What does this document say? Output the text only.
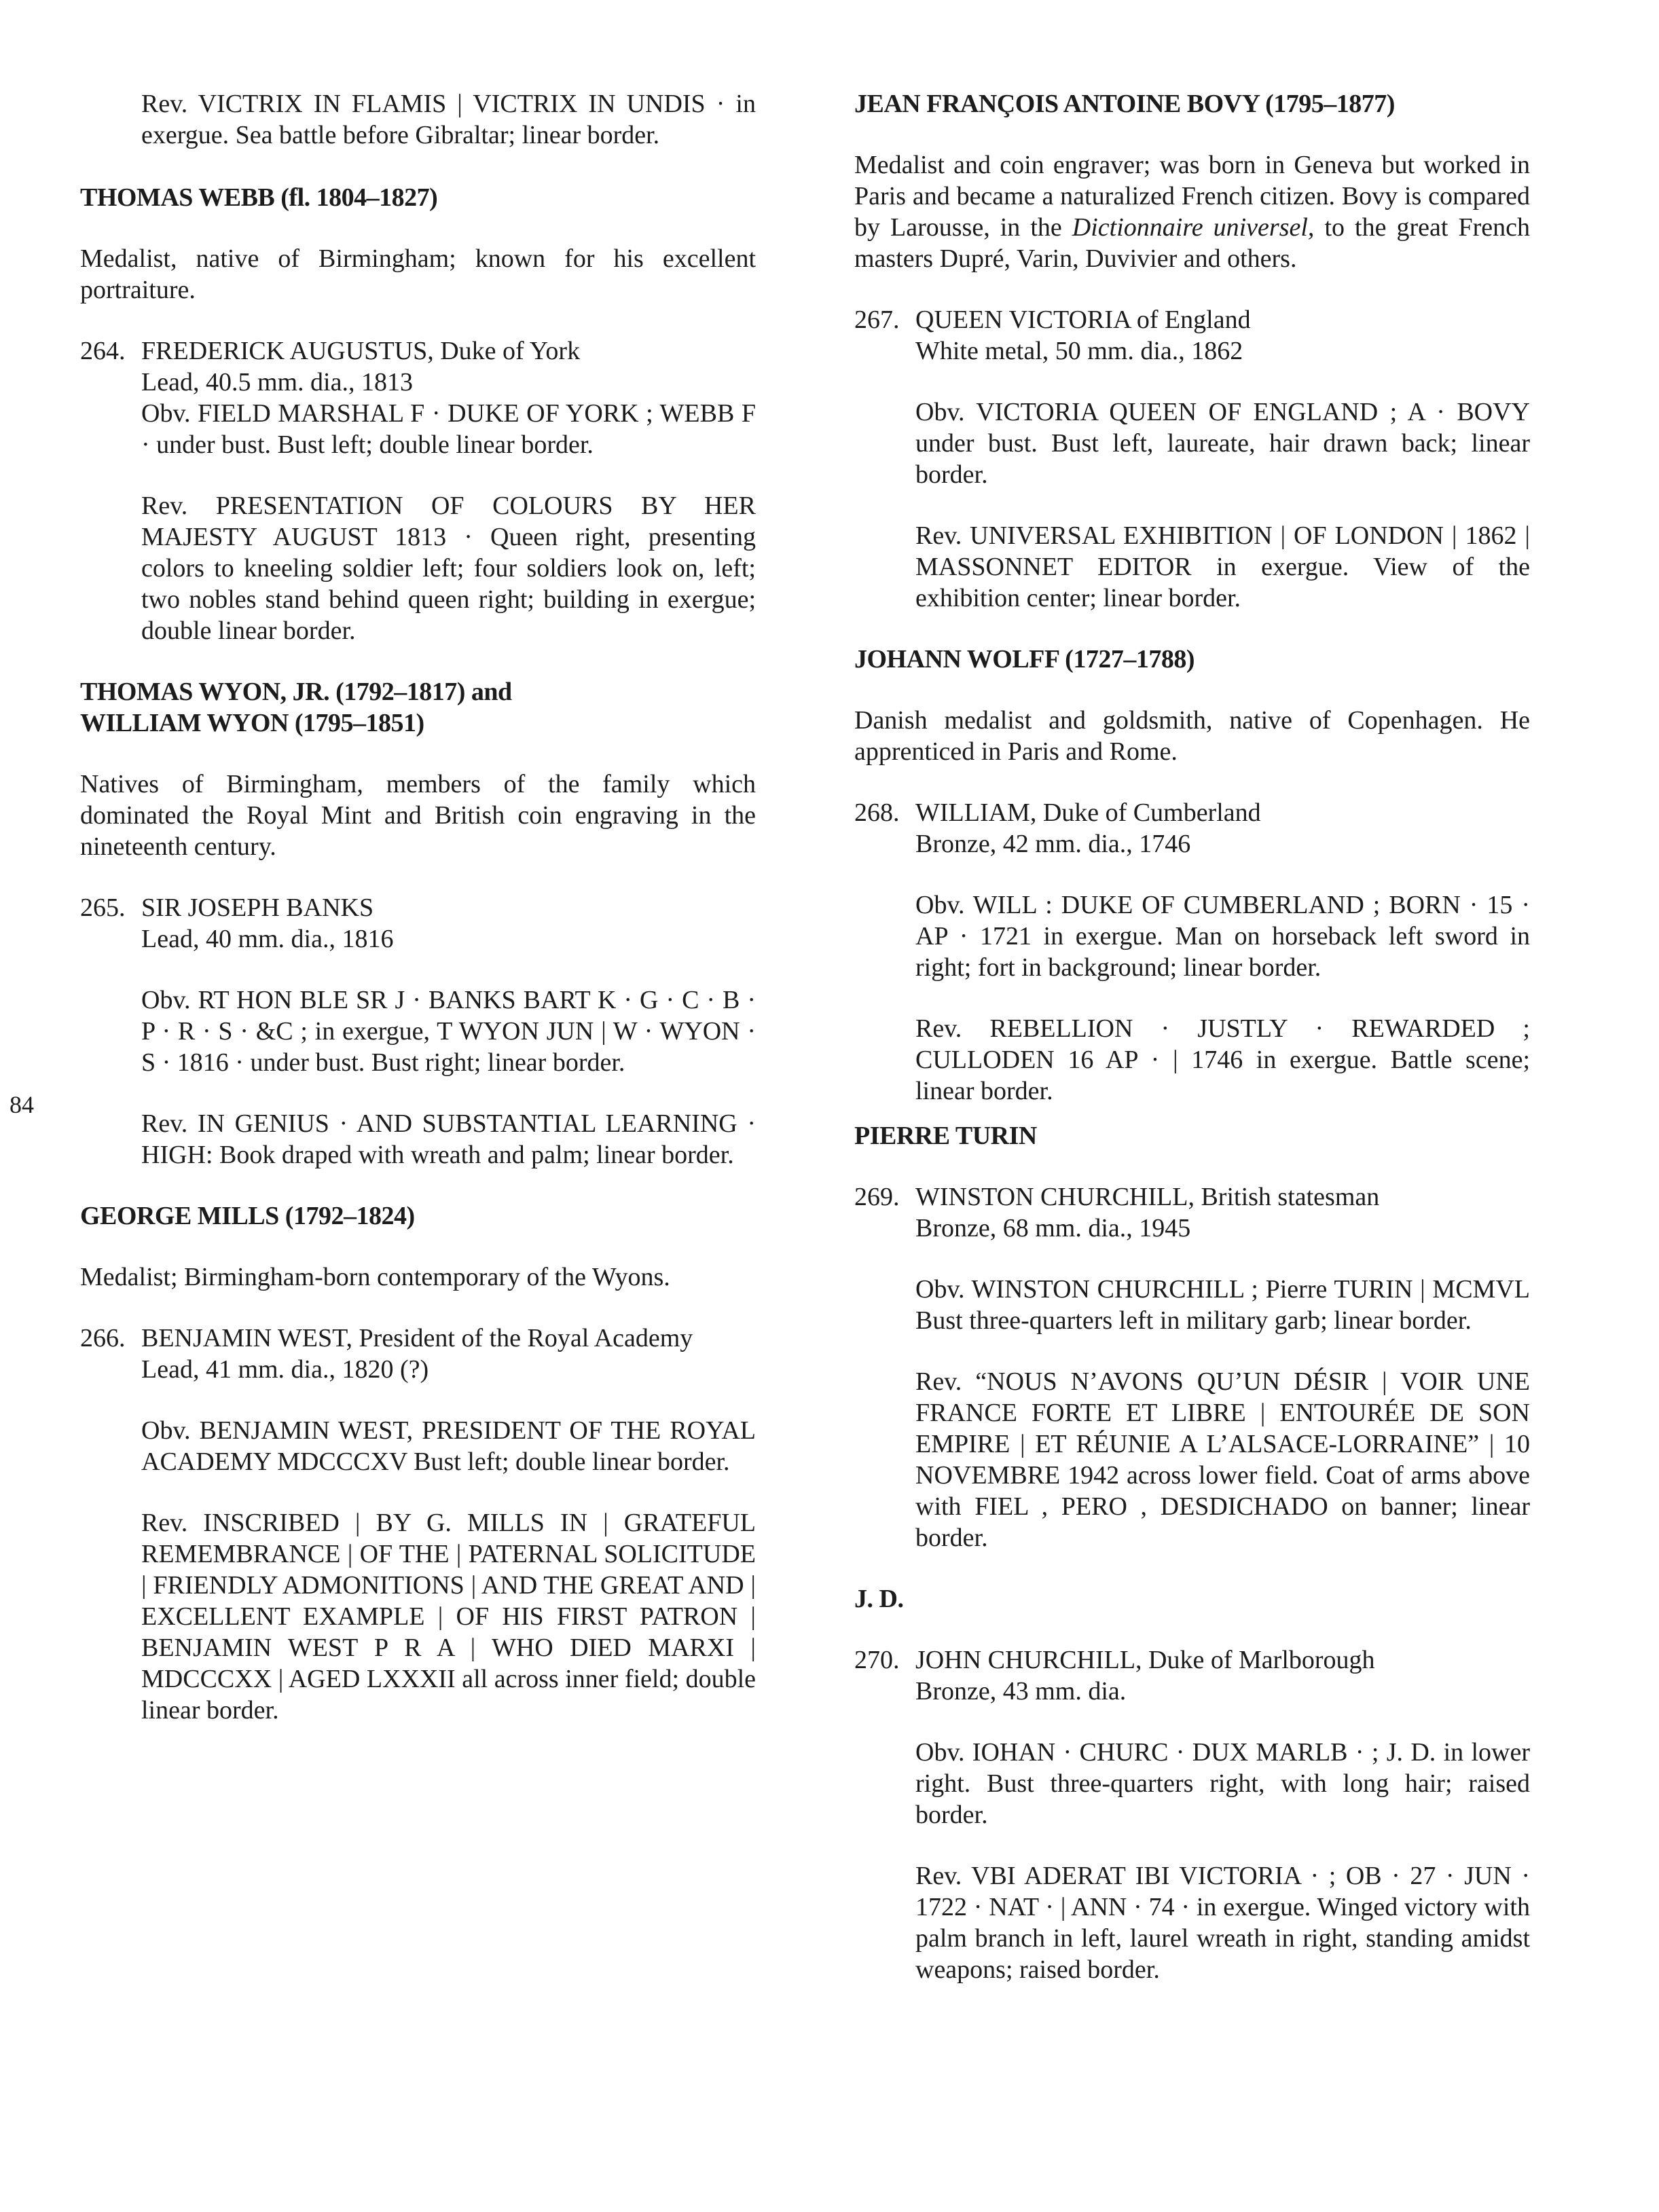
84

Rev. VICTRIX IN FLAMIS | VICTRIX IN UNDIS · in exergue. Sea battle before Gibraltar; linear border.

THOMAS WEBB (fl. 1804–1827)

Medalist, native of Birmingham; known for his excellent portraiture.

264. FREDERICK AUGUSTUS, Duke of York
Lead, 40.5 mm. dia., 1813

Obv. FIELD MARSHAL F · DUKE OF YORK ; WEBB F · under bust. Bust left; double linear border.

Rev. PRESENTATION OF COLOURS BY HER MAJESTY AUGUST 1813 · Queen right, presenting colors to kneeling soldier left; four soldiers look on, left; two nobles stand behind queen right; building in exergue; double linear border.

THOMAS WYON, JR. (1792–1817) and

WILLIAM WYON (1795–1851)

Natives of Birmingham, members of the family which dominated the Royal Mint and British coin engraving in the nineteenth century.

265. SIR JOSEPH BANKS
Lead, 40 mm. dia., 1816

Obv. RT HON BLE SR J · BANKS BART K · G · C · B · P · R · S · &C ; in exergue, T WYON JUN | W · WYON · S · 1816 · under bust. Bust right; linear border.

Rev. IN GENIUS · AND SUBSTANTIAL LEARNING · HIGH: Book draped with wreath and palm; linear border.

GEORGE MILLS (1792–1824)

Medalist; Birmingham-born contemporary of the Wyons.

266. BENJAMIN WEST, President of the Royal Academy
Lead, 41 mm. dia., 1820 (?)

Obv. BENJAMIN WEST, PRESIDENT OF THE ROYAL ACADEMY MDCCCXV Bust left; double linear border.

Rev. INSCRIBED | BY G. MILLS IN | GRATEFUL REMEMBRANCE | OF THE | PATERNAL SOLICITUDE | FRIENDLY ADMONITIONS | AND THE GREAT AND | EXCELLENT EXAMPLE | OF HIS FIRST PATRON | BENJAMIN WEST P R A | WHO DIED MARXI | MDCCCXX | AGED LXXXII all across inner field; double linear border.

JEAN FRANÇOIS ANTOINE BOVY (1795–1877)

Medalist and coin engraver; was born in Geneva but worked in Paris and became a naturalized French citizen. Bovy is compared by Larousse, in the Dictionnaire universel, to the great French masters Dupré, Varin, Duvivier and others.

267. QUEEN VICTORIA of England
White metal, 50 mm. dia., 1862

Obv. VICTORIA QUEEN OF ENGLAND ; A · BOVY under bust. Bust left, laureate, hair drawn back; linear border.

Rev. UNIVERSAL EXHIBITION | OF LONDON | 1862 | MASSONNET EDITOR in exergue. View of the exhibition center; linear border.

JOHANN WOLFF (1727–1788)

Danish medalist and goldsmith, native of Copenhagen. He apprenticed in Paris and Rome.

268. WILLIAM, Duke of Cumberland
Bronze, 42 mm. dia., 1746

Obv. WILL : DUKE OF CUMBERLAND ; BORN · 15 · AP · 1721 in exergue. Man on horseback left sword in right; fort in background; linear border.

Rev. REBELLION · JUSTLY · REWARDED ; CULLODEN 16 AP · | 1746 in exergue. Battle scene; linear border.

PIERRE TURIN

269. WINSTON CHURCHILL, British statesman
Bronze, 68 mm. dia., 1945

Obv. WINSTON CHURCHILL ; Pierre TURIN | MCMVL Bust three-quarters left in military garb; linear border.

Rev. “NOUS N’AVONS QU’UN DÉSIR | VOIR UNE FRANCE FORTE ET LIBRE | ENTOURÉE DE SON EMPIRE | ET RÉUNIE A L’ALSACE-LORRAINE” | 10 NOVEMBRE 1942 across lower field. Coat of arms above with FIEL , PERO , DESDICHADO on banner; linear border.

J. D.

270. JOHN CHURCHILL, Duke of Marlborough
Bronze, 43 mm. dia.

Obv. IOHAN · CHURC · DUX MARLB · ; J. D. in lower right. Bust three-quarters right, with long hair; raised border.

Rev. VBI ADERAT IBI VICTORIA · ; OB · 27 · JUN · 1722 · NAT · | ANN · 74 · in exergue. Winged victory with palm branch in left, laurel wreath in right, standing amidst weapons; raised border.
